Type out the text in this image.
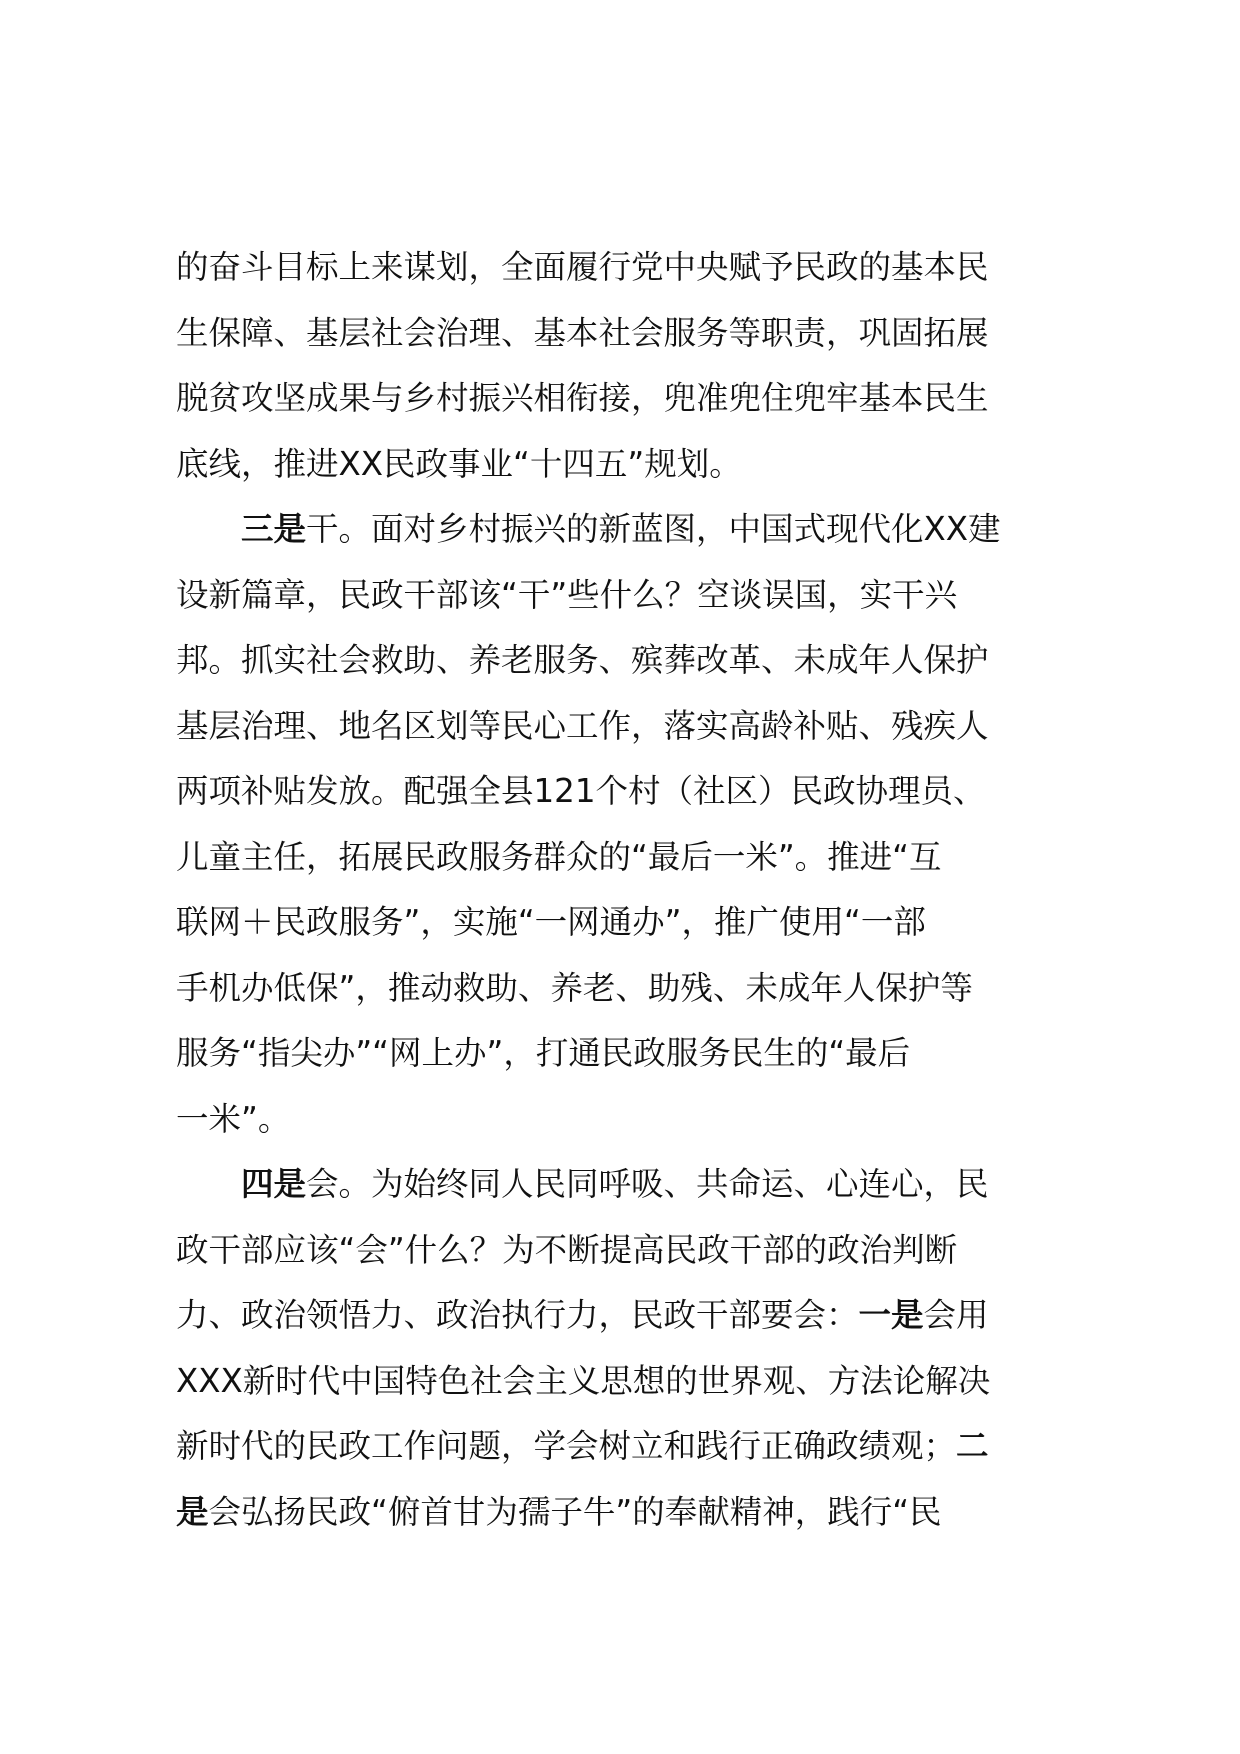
的奋斗目标上来谋划，全面履行党中央赋予民政的基本民
生保障、基层社会治理、基本社会服务等职责，巩固拓展
脱贫攻坚成果与乡村振兴相衔接，兜准兜住兜牢基本民生
底线，推进XX民政事业“十四五”规划。
三是干。面对乡村振兴的新蓝图，中国式现代化XX建
设新篇章，民政干部该“干”些什么？空谈误国，实干兴
邦。抓实社会救助、养老服务、殡葬改革、未成年人保护
基层治理、地名区划等民心工作，落实高龄补贴、残疾人
两项补贴发放。配强全县121个村（社区）民政协理员、
儿童主任，拓展民政服务群众的“最后一米”。推进“互
联网＋民政服务”，实施“一网通办”，推广使用“一部
手机办低保”，推动救助、养老、助残、未成年人保护等
服务“指尖办”“网上办”，打通民政服务民生的“最后
一米”。
四是会。为始终同人民同呼吸、共命运、心连心，民
政干部应该“会”什么？为不断提高民政干部的政治判断
力、政治领悟力、政治执行力，民政干部要会：一是会用
XXX新时代中国特色社会主义思想的世界观、方法论解决
新时代的民政工作问题，学会树立和践行正确政绩观；二
是会弘扬民政“俯首甘为孺子牛”的奉献精神，践行“民
